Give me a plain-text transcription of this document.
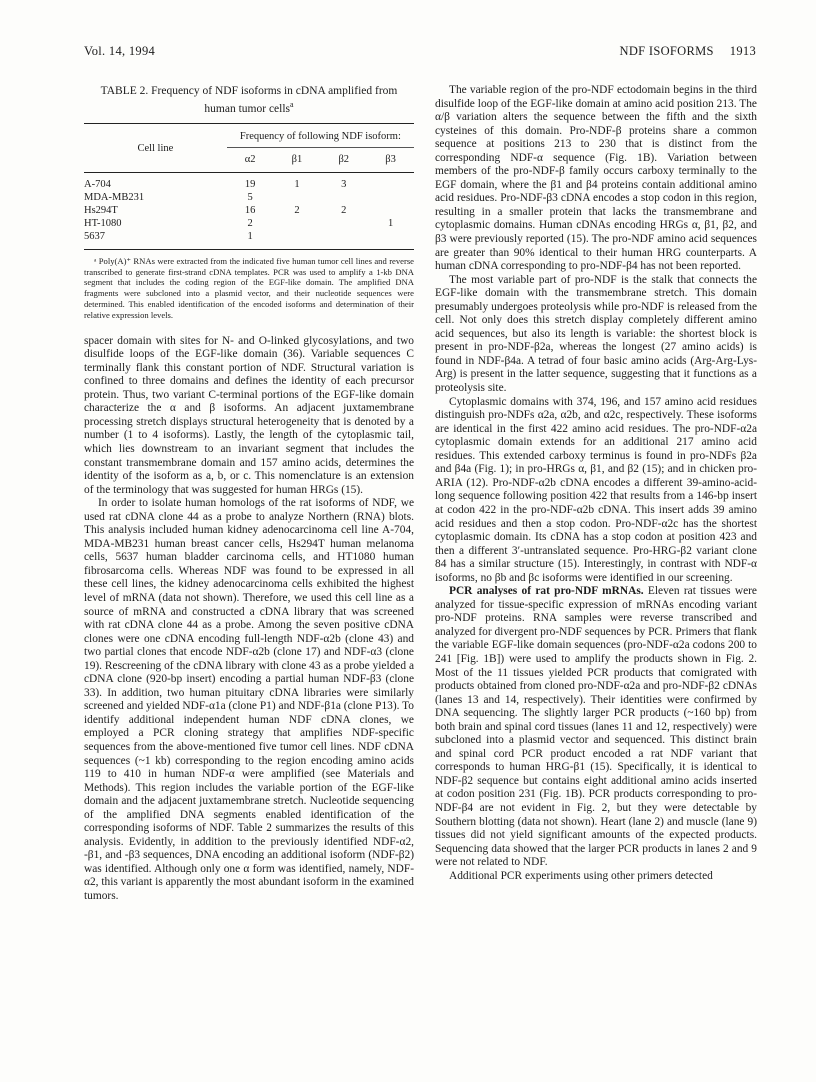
Vol. 14, 1994	NDF ISOFORMS 1913
TABLE 2. Frequency of NDF isoforms in cDNA amplified from human tumor cells$^a$
Cell line	Frequency of following NDF isoform:			
	α2	β1	β2	β3
A-704	19	1	3	
MDA-MB231	5			
Hs294T	16	2	2	
HT-1080	2			1
5637	1			

ᵃ Poly(A)⁺ RNAs were extracted from the indicated five human tumor cell lines and reverse transcribed to generate first-strand cDNA templates. PCR was used to amplify a 1-kb DNA segment that includes the coding region of the EGF-like domain. The amplified DNA fragments were subcloned into a plasmid vector, and their nucleotide sequences were determined. This enabled identification of the encoded isoforms and determination of their relative expression levels.

spacer domain with sites for N- and O-linked glycosylations, and two disulfide loops of the EGF-like domain (36). Variable sequences C terminally flank this constant portion of NDF. Structural variation is confined to three domains and defines the identity of each precursor protein. Thus, two variant C-terminal portions of the EGF-like domain characterize the α and β isoforms. An adjacent juxtamembrane processing stretch displays structural heterogeneity that is denoted by a number (1 to 4 isoforms). Lastly, the length of the cytoplasmic tail, which lies downstream to an invariant segment that includes the constant transmembrane domain and 157 amino acids, determines the identity of the isoform as a, b, or c. This nomenclature is an extension of the terminology that was suggested for human HRGs (15).

In order to isolate human homologs of the rat isoforms of NDF, we used rat cDNA clone 44 as a probe to analyze Northern (RNA) blots. This analysis included human kidney adenocarcinoma cell line A-704, MDA-MB231 human breast cancer cells, Hs294T human melanoma cells, 5637 human bladder carcinoma cells, and HT1080 human fibrosarcoma cells. Whereas NDF was found to be expressed in all these cell lines, the kidney adenocarcinoma cells exhibited the highest level of mRNA (data not shown). Therefore, we used this cell line as a source of mRNA and constructed a cDNA library that was screened with rat cDNA clone 44 as a probe. Among the seven positive cDNA clones were one cDNA encoding full-length NDF-α2b (clone 43) and two partial clones that encode NDF-α2b (clone 17) and NDF-α3 (clone 19). Rescreening of the cDNA library with clone 43 as a probe yielded a cDNA clone (920-bp insert) encoding a partial human NDF-β3 (clone 33). In addition, two human pituitary cDNA libraries were similarly screened and yielded NDF-α1a (clone P1) and NDF-β1a (clone P13). To identify additional independent human NDF cDNA clones, we employed a PCR cloning strategy that amplifies NDF-specific sequences from the above-mentioned five tumor cell lines. NDF cDNA sequences (~1 kb) corresponding to the region encoding amino acids 119 to 410 in human NDF-α were amplified (see Materials and Methods). This region includes the variable portion of the EGF-like domain and the adjacent juxtamembrane stretch. Nucleotide sequencing of the amplified DNA segments enabled identification of the corresponding isoforms of NDF. Table 2 summarizes the results of this analysis. Evidently, in addition to the previously identified NDF-α2, -β1, and -β3 sequences, DNA encoding an additional isoform (NDF-β2) was identified. Although only one α form was identified, namely, NDF-α2, this variant is apparently the most abundant isoform in the examined tumors.

The variable region of the pro-NDF ectodomain begins in the third disulfide loop of the EGF-like domain at amino acid position 213. The α/β variation alters the sequence between the fifth and the sixth cysteines of this domain. Pro-NDF-β proteins share a common sequence at positions 213 to 230 that is distinct from the corresponding NDF-α sequence (Fig. 1B). Variation between members of the pro-NDF-β family occurs carboxy terminally to the EGF domain, where the β1 and β4 proteins contain additional amino acid residues. Pro-NDF-β3 cDNA encodes a stop codon in this region, resulting in a smaller protein that lacks the transmembrane and cytoplasmic domains. Human cDNAs encoding HRGs α, β1, β2, and β3 were previously reported (15). The pro-NDF amino acid sequences are greater than 90% identical to their human HRG counterparts. A human cDNA corresponding to pro-NDF-β4 has not been reported.

The most variable part of pro-NDF is the stalk that connects the EGF-like domain with the transmembrane stretch. This domain presumably undergoes proteolysis while pro-NDF is released from the cell. Not only does this stretch display completely different amino acid sequences, but also its length is variable: the shortest block is present in pro-NDF-β2a, whereas the longest (27 amino acids) is found in NDF-β4a. A tetrad of four basic amino acids (Arg-Arg-Lys-Arg) is present in the latter sequence, suggesting that it functions as a proteolysis site.

Cytoplasmic domains with 374, 196, and 157 amino acid residues distinguish pro-NDFs α2a, α2b, and α2c, respectively. These isoforms are identical in the first 422 amino acid residues. The pro-NDF-α2a cytoplasmic domain extends for an additional 217 amino acid residues. This extended carboxy terminus is found in pro-NDFs β2a and β4a (Fig. 1); in pro-HRGs α, β1, and β2 (15); and in chicken pro-ARIA (12). Pro-NDF-α2b cDNA encodes a different 39-amino-acid-long sequence following position 422 that results from a 146-bp insert at codon 422 in the pro-NDF-α2b cDNA. This insert adds 39 amino acid residues and then a stop codon. Pro-NDF-α2c has the shortest cytoplasmic domain. Its cDNA has a stop codon at position 423 and then a different 3′-untranslated sequence. Pro-HRG-β2 variant clone 84 has a similar structure (15). Interestingly, in contrast with NDF-α isoforms, no βb and βc isoforms were identified in our screening.

PCR analyses of rat pro-NDF mRNAs. Eleven rat tissues were analyzed for tissue-specific expression of mRNAs encoding variant pro-NDF proteins. RNA samples were reverse transcribed and analyzed for divergent pro-NDF sequences by PCR. Primers that flank the variable EGF-like domain sequences (pro-NDF-α2a codons 200 to 241 [Fig. 1B]) were used to amplify the products shown in Fig. 2. Most of the 11 tissues yielded PCR products that comigrated with products obtained from cloned pro-NDF-α2a and pro-NDF-β2 cDNAs (lanes 13 and 14, respectively). Their identities were confirmed by DNA sequencing. The slightly larger PCR products (~160 bp) from both brain and spinal cord tissues (lanes 11 and 12, respectively) were subcloned into a plasmid vector and sequenced. This distinct brain and spinal cord PCR product encoded a rat NDF variant that corresponds to human HRG-β1 (15). Specifically, it is identical to NDF-β2 sequence but contains eight additional amino acids inserted at codon position 231 (Fig. 1B). PCR products corresponding to pro-NDF-β4 are not evident in Fig. 2, but they were detectable by Southern blotting (data not shown). Heart (lane 2) and muscle (lane 9) tissues did not yield significant amounts of the expected products. Sequencing data showed that the larger PCR products in lanes 2 and 9 were not related to NDF.

Additional PCR experiments using other primers detected
